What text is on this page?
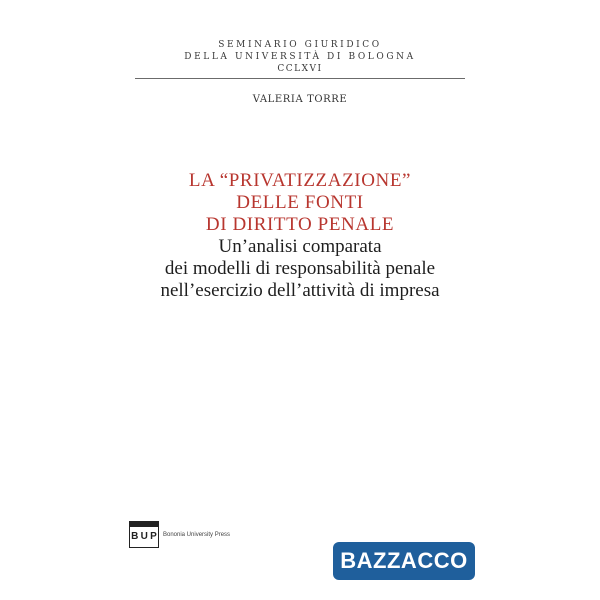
SEMINARIO GIURIDICO
DELLA UNIVERSITÀ DI BOLOGNA
CCLXVI
VALERIA TORRE
LA “PRIVATIZZAZIONE”
DELLE FONTI
DI DIRITTO PENALE
Un’analisi comparata
dei modelli di responsabilità penale
nell’esercizio dell’attività di impresa
B U P Bononia University Press
BAZZACCO
